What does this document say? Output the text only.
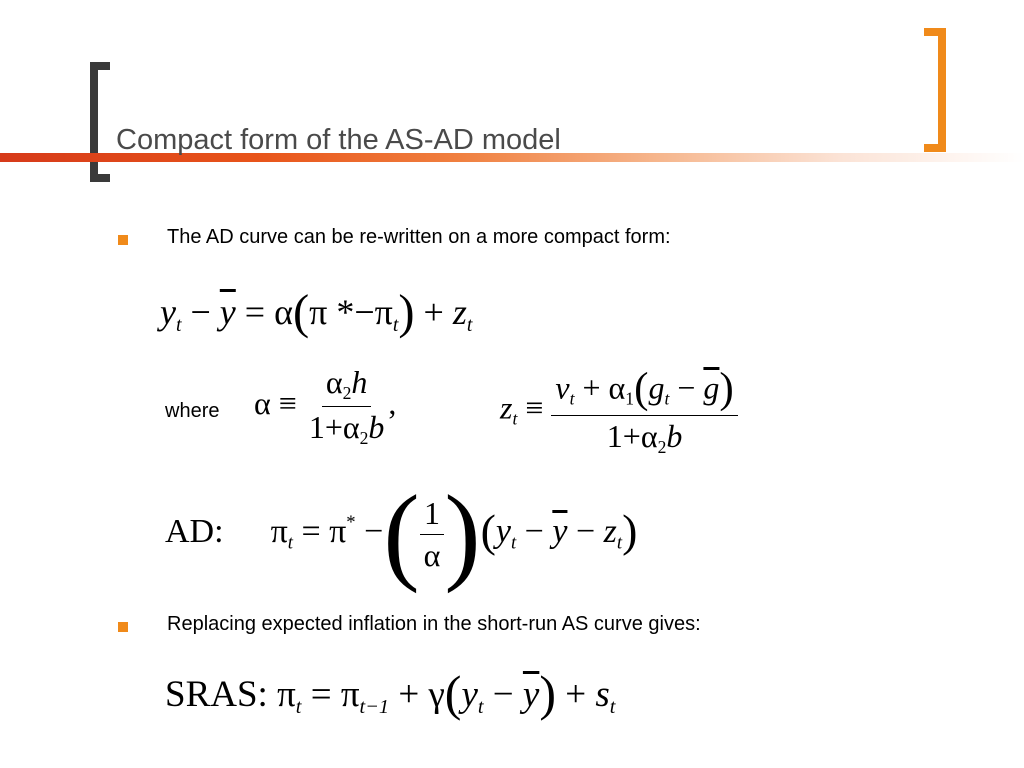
Compact form of the AS-AD model
The AD curve can be re-written on a more compact form:
$y_t - \overline{y} = \alpha(\pi$ $*-\pi_t) + z_t$
where $\alpha \equiv \frac{\alpha 2h}{1+\alpha 2b}$ ,	$z_t \equiv \frac{v_t + \alpha 1(g_t - \overline{g})}{1+\alpha 2b}$
AD: $\pi_t = \pi^*$ −( $\frac{1}{\alpha} )(y_t - \overline{y} - z_t)$
Replacing expected inflation in the short-run AS curve gives:
SRAS: $\pi_t = \pi_{t-1} + \gamma(y_t - \overline{y}) + s_t$
